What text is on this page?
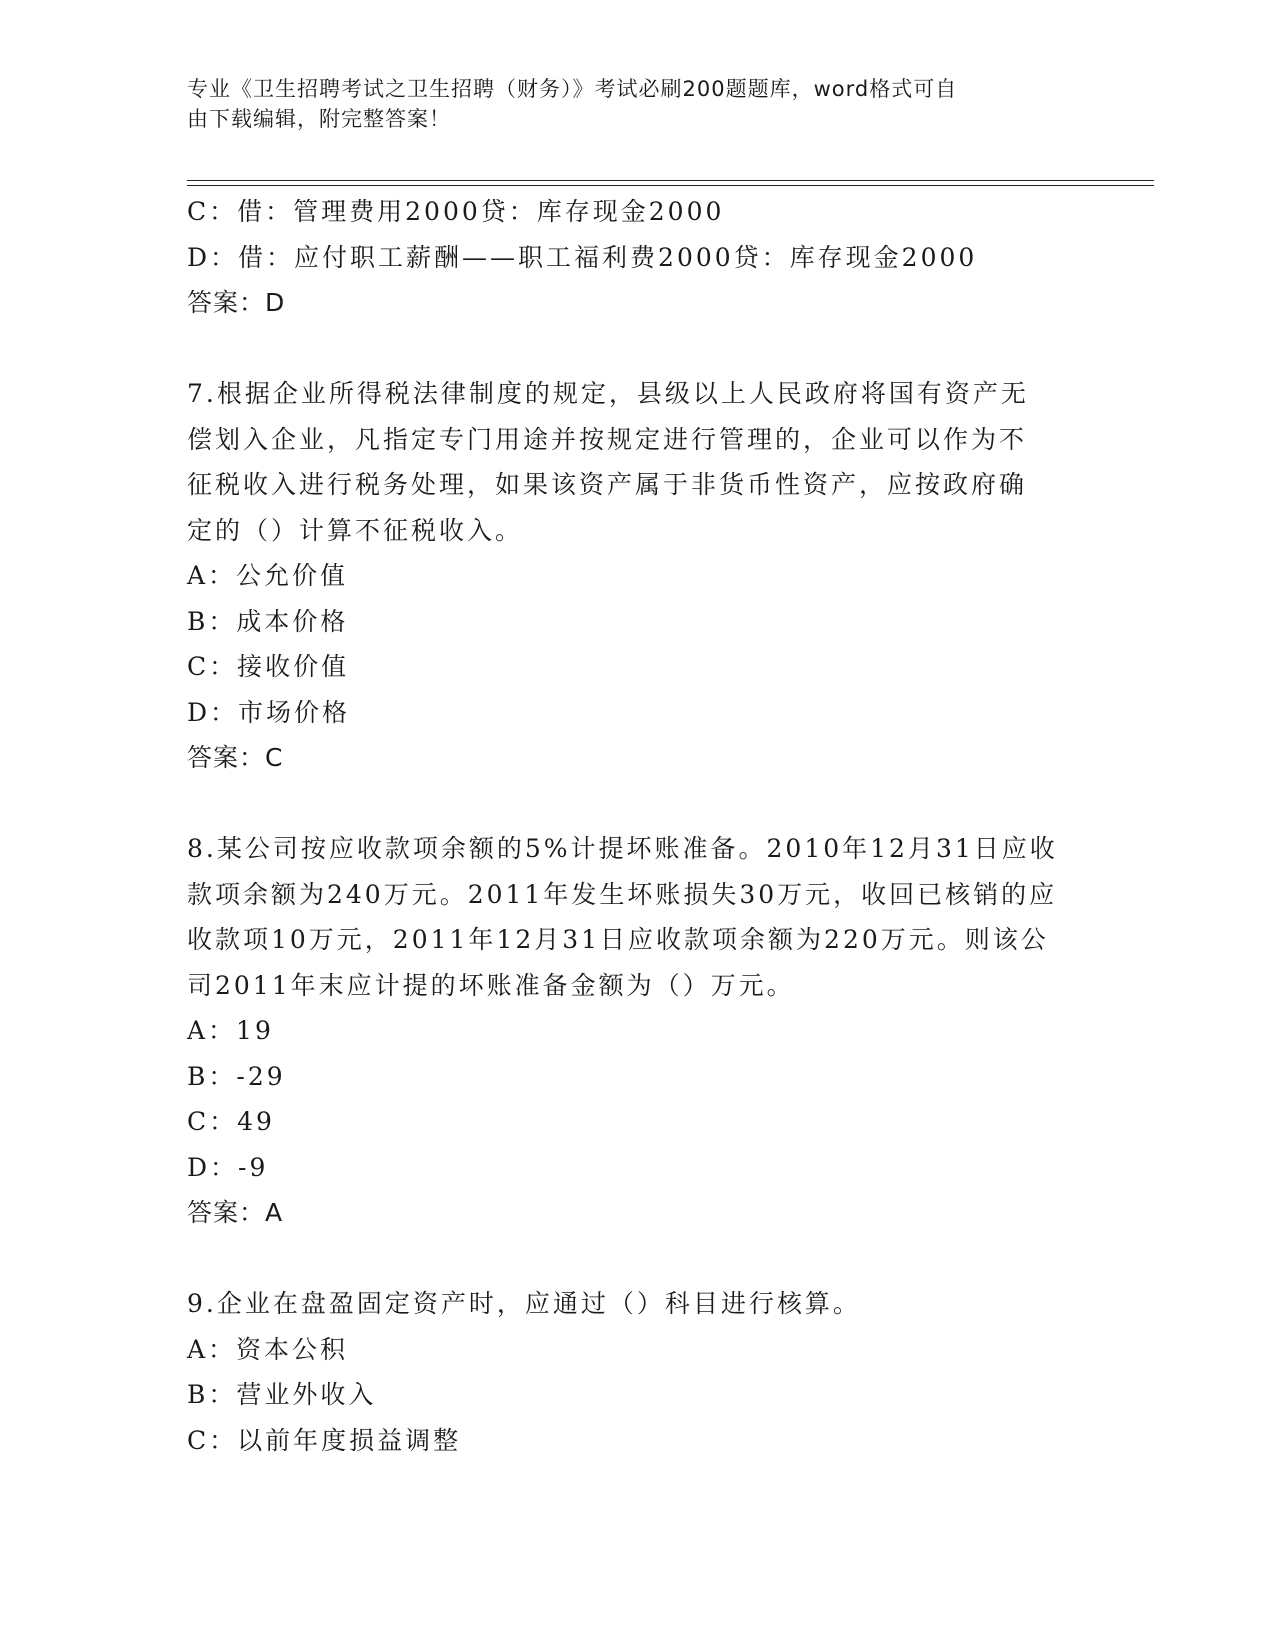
专业《卫生招聘考试之卫生招聘（财务）》考试必刷200题题库，word格式可自
由下载编辑，附完整答案！
C：借：管理费用2000贷：库存现金2000
D：借：应付职工薪酬——职工福利费2000贷：库存现金2000
答案：D
7.根据企业所得税法律制度的规定，县级以上人民政府将国有资产无
偿划入企业，凡指定专门用途并按规定进行管理的，企业可以作为不
征税收入进行税务处理，如果该资产属于非货币性资产，应按政府确
定的（）计算不征税收入。
A：公允价值
B：成本价格
C：接收价值
D：市场价格
答案：C
8.某公司按应收款项余额的5%计提坏账准备。2010年12月31日应收
款项余额为240万元。2011年发生坏账损失30万元，收回已核销的应
收款项10万元，2011年12月31日应收款项余额为220万元。则该公
司2011年末应计提的坏账准备金额为（）万元。
A：19
B：-29
C：49
D：-9
答案：A
9.企业在盘盈固定资产时，应通过（）科目进行核算。
A：资本公积
B：营业外收入
C：以前年度损益调整
